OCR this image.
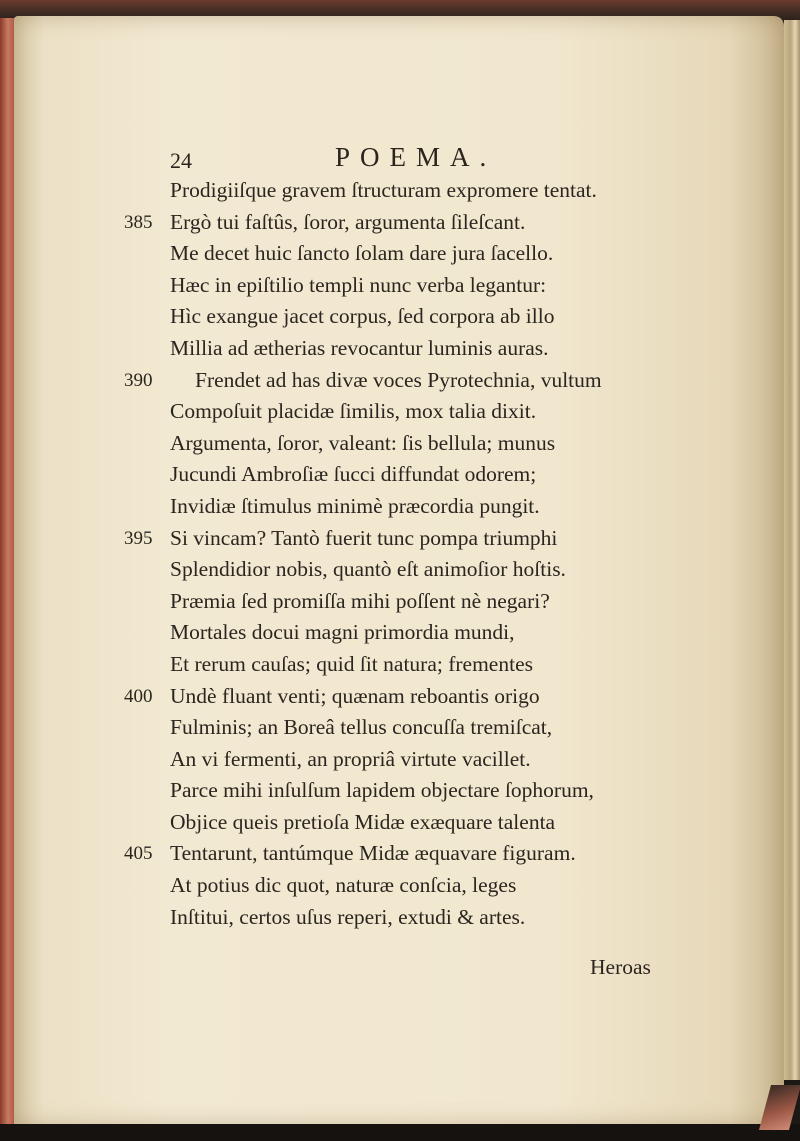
24	POEMA.
Prodigiiſque gravem ſtructuram expromere tentat.
385 Ergò tui faſtûs, ſoror, argumenta ſileſcant.
Me decet huic ſancto ſolam dare jura ſacello.
Hæc in epiſtilio templi nunc verba legantur:
Hìc exangue jacet corpus, ſed corpora ab illo
Millia ad ætherias revocantur luminis auras.
390 Frendet ad has divæ voces Pyrotechnia, vultum
Compoſuit placidæ ſimilis, mox talia dixit.
Argumenta, ſoror, valeant: ſis bellula; munus
Jucundi Ambroſiæ ſucci diffundat odorem;
Invidiæ ſtimulus minimè præcordia pungit.
395 Si vincam? Tantò fuerit tunc pompa triumphi
Splendidior nobis, quantò eſt animoſior hoſtis.
Præmia ſed promiſſa mihi poſſent nè negari?
Mortales docui magni primordia mundi,
Et rerum cauſas; quid ſit natura; frementes
400 Undè fluant venti; quænam reboantis origo
Fulminis; an Boreâ tellus concuſſa tremiſcat,
An vi fermenti, an propriâ virtute vacillet.
Parce mihi inſulſum lapidem objectare ſophorum,
Objice queis pretioſa Midæ exæquare talenta
405 Tentarunt, tantúmque Midæ æquavare figuram.
At potius dic quot, naturæ conſcia, leges
Inſtitui, certos uſus reperi, extudi & artes.
Heroas
